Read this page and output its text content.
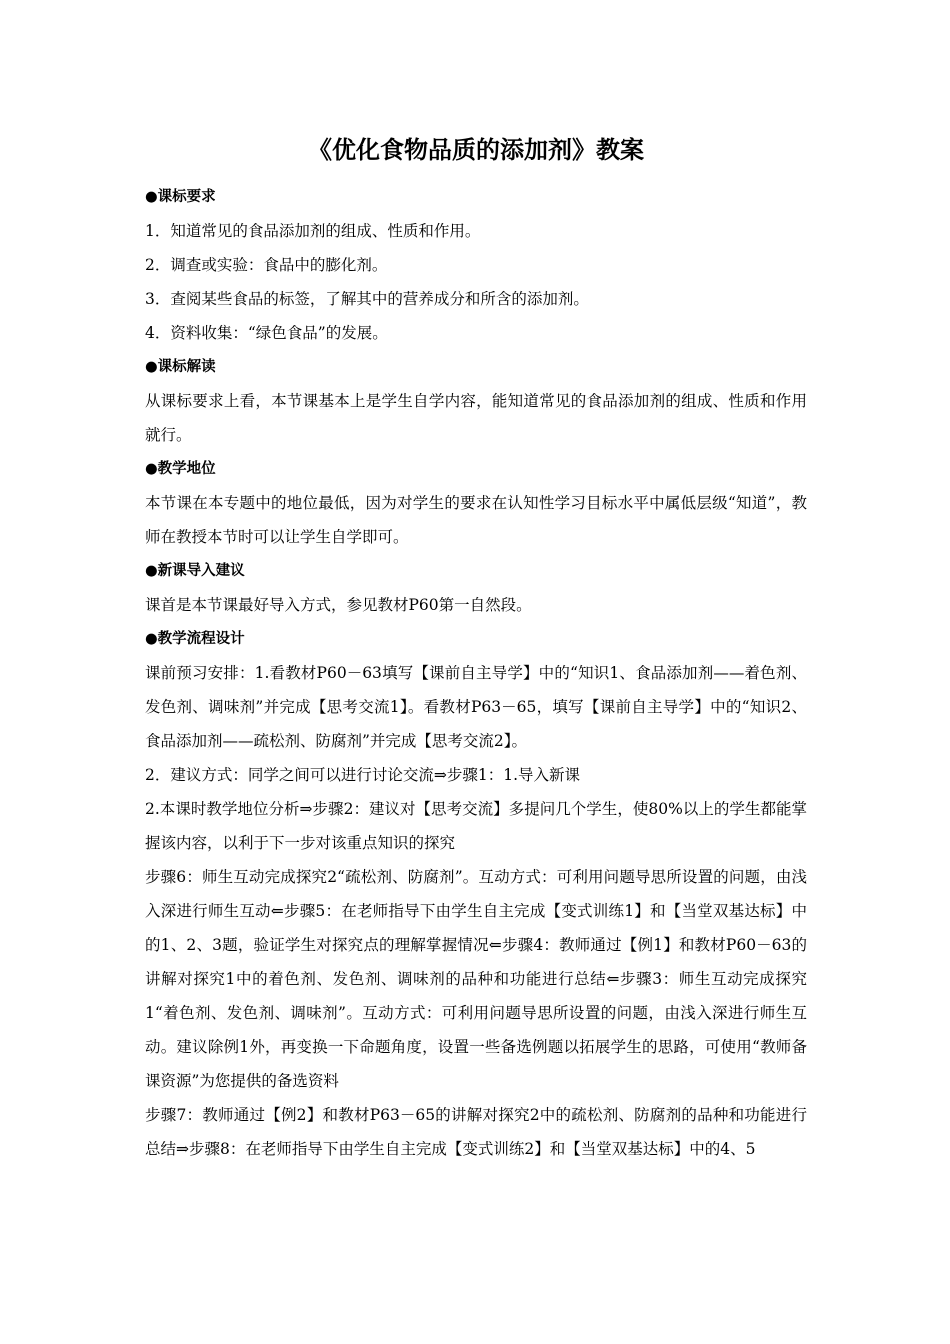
《优化食物品质的添加剂》教案

●课标要求

1．知道常见的食品添加剂的组成、性质和作用。

2．调查或实验：食品中的膨化剂。

3．查阅某些食品的标签，了解其中的营养成分和所含的添加剂。

4．资料收集：“绿色食品”的发展。

●课标解读

从课标要求上看，本节课基本上是学生自学内容，能知道常见的食品添加剂的组成、性质和作用就行。

●教学地位

本节课在本专题中的地位最低，因为对学生的要求在认知性学习目标水平中属低层级“知道”，教师在教授本节时可以让学生自学即可。

●新课导入建议

课首是本节课最好导入方式，参见教材P60第一自然段。

●教学流程设计

课前预习安排：1.看教材P60－63填写【课前自主导学】中的“知识1、食品添加剂——着色剂、发色剂、调味剂”并完成【思考交流1】。看教材P63－65，填写【课前自主导学】中的“知识2、食品添加剂——疏松剂、防腐剂”并完成【思考交流2】。

2．建议方式：同学之间可以进行讨论交流⇒步骤1：1.导入新课

2.本课时教学地位分析⇒步骤2：建议对【思考交流】多提问几个学生，使80%以上的学生都能掌握该内容，以利于下一步对该重点知识的探究

步骤6：师生互动完成探究2“疏松剂、防腐剂”。互动方式：可利用问题导思所设置的问题，由浅入深进行师生互动⇐步骤5：在老师指导下由学生自主完成【变式训练1】和【当堂双基达标】中的1、2、3题，验证学生对探究点的理解掌握情况⇐步骤4：教师通过【例1】和教材P60－63的讲解对探究1中的着色剂、发色剂、调味剂的品种和功能进行总结⇐步骤3：师生互动完成探究1“着色剂、发色剂、调味剂”。互动方式：可利用问题导思所设置的问题，由浅入深进行师生互动。建议除例1外，再变换一下命题角度，设置一些备选例题以拓展学生的思路，可使用“教师备课资源”为您提供的备选资料

步骤7：教师通过【例2】和教材P63－65的讲解对探究2中的疏松剂、防腐剂的品种和功能进行总结⇒步骤8：在老师指导下由学生自主完成【变式训练2】和【当堂双基达标】中的4、5
